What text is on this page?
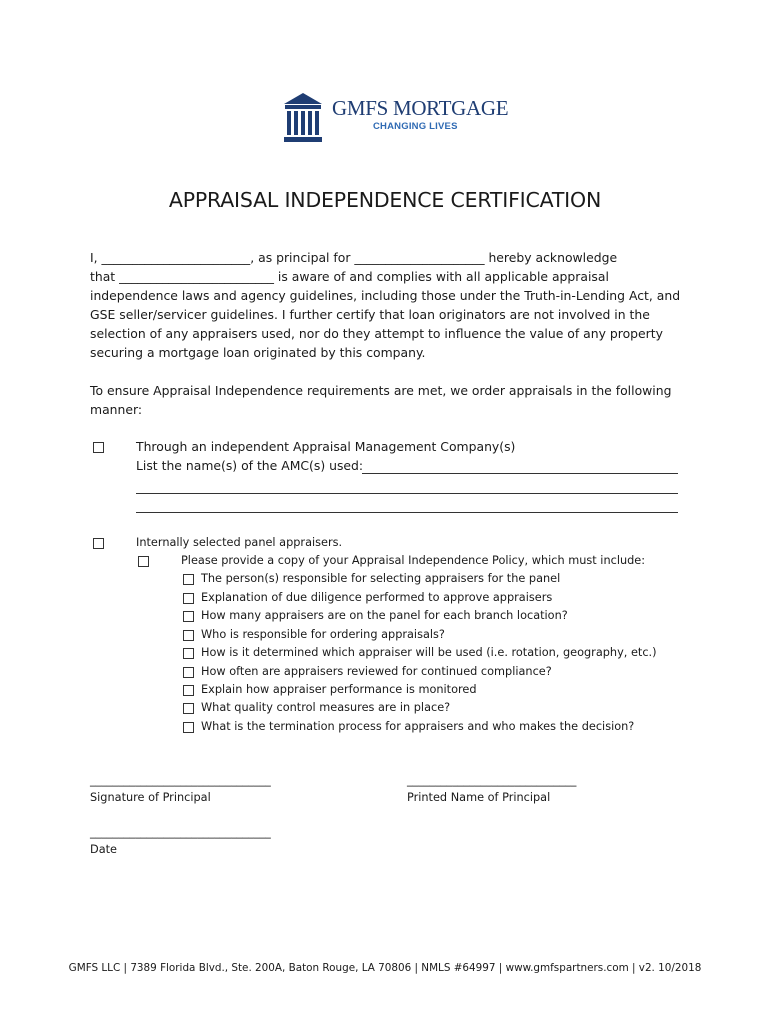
GMFS MORTGAGE
CHANGING LIVES
APPRAISAL INDEPENDENCE CERTIFICATION
I, ________________________, as principal for _____________________ hereby acknowledge
that _________________________ is aware of and complies with all applicable appraisal
independence laws and agency guidelines, including those under the Truth-in-Lending Act, and
GSE seller/servicer guidelines. I further certify that loan originators are not involved in the
selection of any appraisers used, nor do they attempt to influence the value of any property
securing a mortgage loan originated by this company.
To ensure Appraisal Independence requirements are met, we order appraisals in the following
manner:
Through an independent Appraisal Management Company(s)
List the name(s) of the AMC(s) used:
Internally selected panel appraisers.
Please provide a copy of your Appraisal Independence Policy, which must include:
The person(s) responsible for selecting appraisers for the panel
Explanation of due diligence performed to approve appraisers
How many appraisers are on the panel for each branch location?
Who is responsible for ordering appraisals?
How is it determined which appraiser will be used (i.e. rotation, geography, etc.)
How often are appraisers reviewed for continued compliance?
Explain how appraiser performance is monitored
What quality control measures are in place?
What is the termination process for appraisers and who makes the decision?
________________________________
Signature of Principal
______________________________
Printed Name of Principal
________________________________
Date
GMFS LLC | 7389 Florida Blvd., Ste. 200A, Baton Rouge, LA 70806 | NMLS #64997 | www.gmfspartners.com | v2. 10/2018
